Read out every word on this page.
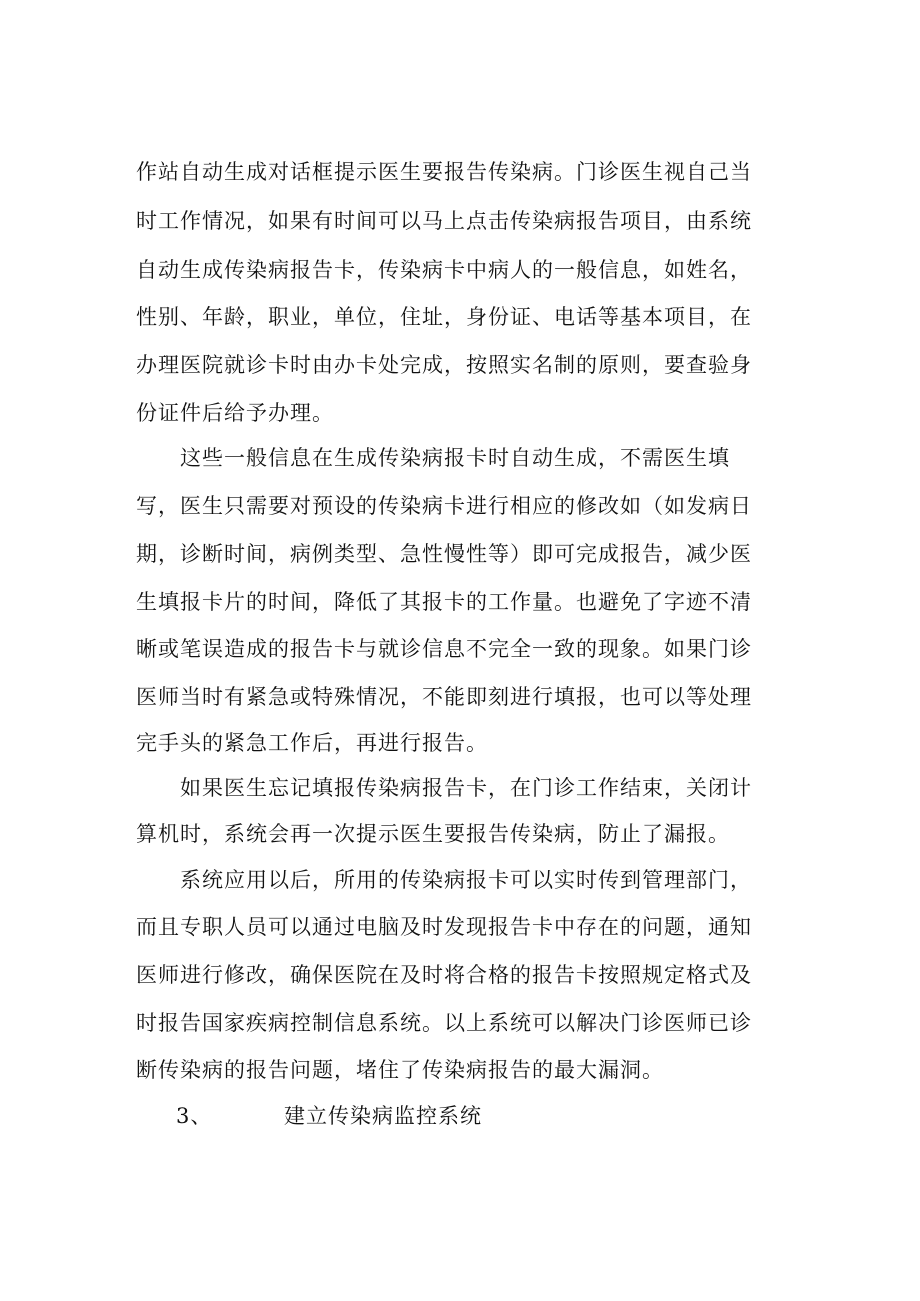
作站自动生成对话框提示医生要报告传染病。门诊医生视自己当
时工作情况，如果有时间可以马上点击传染病报告项目，由系统
自动生成传染病报告卡，传染病卡中病人的一般信息，如姓名，
性别、年龄，职业，单位，住址，身份证、电话等基本项目，在
办理医院就诊卡时由办卡处完成，按照实名制的原则，要查验身
份证件后给予办理。
这些一般信息在生成传染病报卡时自动生成，不需医生填
写，医生只需要对预设的传染病卡进行相应的修改如（如发病日
期，诊断时间，病例类型、急性慢性等）即可完成报告，减少医
生填报卡片的时间，降低了其报卡的工作量。也避免了字迹不清
晰或笔误造成的报告卡与就诊信息不完全一致的现象。如果门诊
医师当时有紧急或特殊情况，不能即刻进行填报，也可以等处理
完手头的紧急工作后，再进行报告。
如果医生忘记填报传染病报告卡，在门诊工作结束，关闭计
算机时，系统会再一次提示医生要报告传染病，防止了漏报。
系统应用以后，所用的传染病报卡可以实时传到管理部门，
而且专职人员可以通过电脑及时发现报告卡中存在的问题，通知
医师进行修改，确保医院在及时将合格的报告卡按照规定格式及
时报告国家疾病控制信息系统。以上系统可以解决门诊医师已诊
断传染病的报告问题，堵住了传染病报告的最大漏洞。
3、	建立传染病监控系统
